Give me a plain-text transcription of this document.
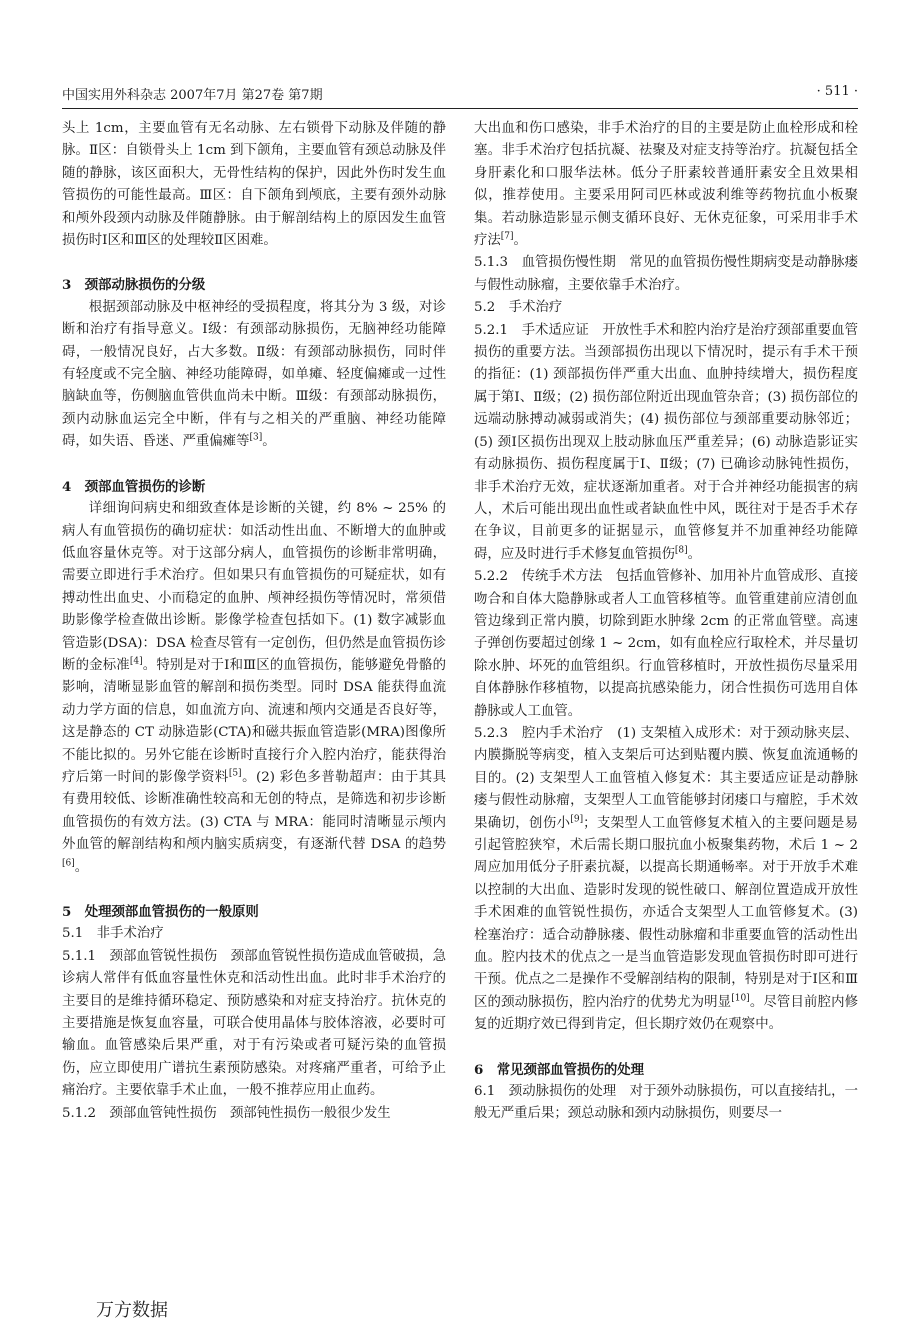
中国实用外科杂志 2007年7月 第27卷 第7期	· 511 ·

头上 1cm，主要血管有无名动脉、左右锁骨下动脉及伴随的静脉。Ⅱ区：自锁骨头上 1cm 到下颌角，主要血管有颈总动脉及伴随的静脉，该区面积大，无骨性结构的保护，因此外伤时发生血管损伤的可能性最高。Ⅲ区：自下颌角到颅底，主要有颈外动脉和颅外段颈内动脉及伴随静脉。由于解剖结构上的原因发生血管损伤时Ⅰ区和Ⅲ区的处理较Ⅱ区困难。

3　颈部动脉损伤的分级

根据颈部动脉及中枢神经的受损程度，将其分为 3 级，对诊断和治疗有指导意义。Ⅰ级：有颈部动脉损伤，无脑神经功能障碍，一般情况良好，占大多数。Ⅱ级：有颈部动脉损伤，同时伴有轻度或不完全脑、神经功能障碍，如单瘫、轻度偏瘫或一过性脑缺血等，伤侧脑血管供血尚未中断。Ⅲ级：有颈部动脉损伤，颈内动脉血运完全中断，伴有与之相关的严重脑、神经功能障碍，如失语、昏迷、严重偏瘫等[3]。

4　颈部血管损伤的诊断

详细询问病史和细致查体是诊断的关键，约 8% ~ 25% 的病人有血管损伤的确切症状：如活动性出血、不断增大的血肿或低血容量休克等。对于这部分病人，血管损伤的诊断非常明确，需要立即进行手术治疗。但如果只有血管损伤的可疑症状，如有搏动性出血史、小而稳定的血肿、颅神经损伤等情况时，常须借助影像学检查做出诊断。影像学检查包括如下。(1) 数字减影血管造影(DSA)：DSA 检查尽管有一定创伤，但仍然是血管损伤诊断的金标准[4]。特别是对于Ⅰ和Ⅲ区的血管损伤，能够避免骨骼的影响，清晰显影血管的解剖和损伤类型。同时 DSA 能获得血流动力学方面的信息，如血流方向、流速和颅内交通是否良好等，这是静态的 CT 动脉造影(CTA)和磁共振血管造影(MRA)图像所不能比拟的。另外它能在诊断时直接行介入腔内治疗，能获得治疗后第一时间的影像学资料[5]。(2) 彩色多普勒超声：由于其具有费用较低、诊断准确性较高和无创的特点，是筛选和初步诊断血管损伤的有效方法。(3) CTA 与 MRA：能同时清晰显示颅内外血管的解剖结构和颅内脑实质病变，有逐渐代替 DSA 的趋势[6]。

5　处理颈部血管损伤的一般原则

5.1　非手术治疗

5.1.1　颈部血管锐性损伤　颈部血管锐性损伤造成血管破损，急诊病人常伴有低血容量性休克和活动性出血。此时非手术治疗的主要目的是维持循环稳定、预防感染和对症支持治疗。抗休克的主要措施是恢复血容量，可联合使用晶体与胶体溶液，必要时可输血。血管感染后果严重，对于有污染或者可疑污染的血管损伤，应立即使用广谱抗生素预防感染。对疼痛严重者，可给予止痛治疗。主要依靠手术止血，一般不推荐应用止血药。

5.1.2　颈部血管钝性损伤　颈部钝性损伤一般很少发生

大出血和伤口感染，非手术治疗的目的主要是防止血栓形成和栓塞。非手术治疗包括抗凝、祛聚及对症支持等治疗。抗凝包括全身肝素化和口服华法林。低分子肝素较普通肝素安全且效果相似，推荐使用。主要采用阿司匹林或波利维等药物抗血小板聚集。若动脉造影显示侧支循环良好、无休克征象，可采用非手术疗法[7]。

5.1.3　血管损伤慢性期　常见的血管损伤慢性期病变是动静脉瘘与假性动脉瘤，主要依靠手术治疗。

5.2　手术治疗

5.2.1　手术适应证　开放性手术和腔内治疗是治疗颈部重要血管损伤的重要方法。当颈部损伤出现以下情况时，提示有手术干预的指征：(1) 颈部损伤伴严重大出血、血肿持续增大，损伤程度属于第Ⅰ、Ⅱ级；(2) 损伤部位附近出现血管杂音；(3) 损伤部位的远端动脉搏动减弱或消失；(4) 损伤部位与颈部重要动脉邻近；(5) 颈Ⅰ区损伤出现双上肢动脉血压严重差异；(6) 动脉造影证实有动脉损伤、损伤程度属于Ⅰ、Ⅱ级；(7) 已确诊动脉钝性损伤，非手术治疗无效，症状逐渐加重者。对于合并神经功能损害的病人，术后可能出现出血性或者缺血性中风，既往对于是否手术存在争议，目前更多的证据显示，血管修复并不加重神经功能障碍，应及时进行手术修复血管损伤[8]。

5.2.2　传统手术方法　包括血管修补、加用补片血管成形、直接吻合和自体大隐静脉或者人工血管移植等。血管重建前应清创血管边缘到正常内膜，切除到距水肿缘 2cm 的正常血管壁。高速子弹创伤要超过创缘 1 ~ 2cm，如有血栓应行取栓术，并尽量切除水肿、坏死的血管组织。行血管移植时，开放性损伤尽量采用自体静脉作移植物，以提高抗感染能力，闭合性损伤可选用自体静脉或人工血管。

5.2.3　腔内手术治疗　(1) 支架植入成形术：对于颈动脉夹层、内膜撕脱等病变，植入支架后可达到贴覆内膜、恢复血流通畅的目的。(2) 支架型人工血管植入修复术：其主要适应证是动静脉瘘与假性动脉瘤，支架型人工血管能够封闭瘘口与瘤腔，手术效果确切，创伤小[9]；支架型人工血管修复术植入的主要问题是易引起管腔狭窄，术后需长期口服抗血小板聚集药物，术后 1 ~ 2 周应加用低分子肝素抗凝，以提高长期通畅率。对于开放手术难以控制的大出血、造影时发现的锐性破口、解剖位置造成开放性手术困难的血管锐性损伤，亦适合支架型人工血管修复术。(3) 栓塞治疗：适合动静脉瘘、假性动脉瘤和非重要血管的活动性出血。腔内技术的优点之一是当血管造影发现血管损伤时即可进行干预。优点之二是操作不受解剖结构的限制，特别是对于Ⅰ区和Ⅲ区的颈动脉损伤，腔内治疗的优势尤为明显[10]。尽管目前腔内修复的近期疗效已得到肯定，但长期疗效仍在观察中。

6　常见颈部血管损伤的处理

6.1　颈动脉损伤的处理　对于颈外动脉损伤，可以直接结扎，一般无严重后果；颈总动脉和颈内动脉损伤，则要尽一

万方数据
